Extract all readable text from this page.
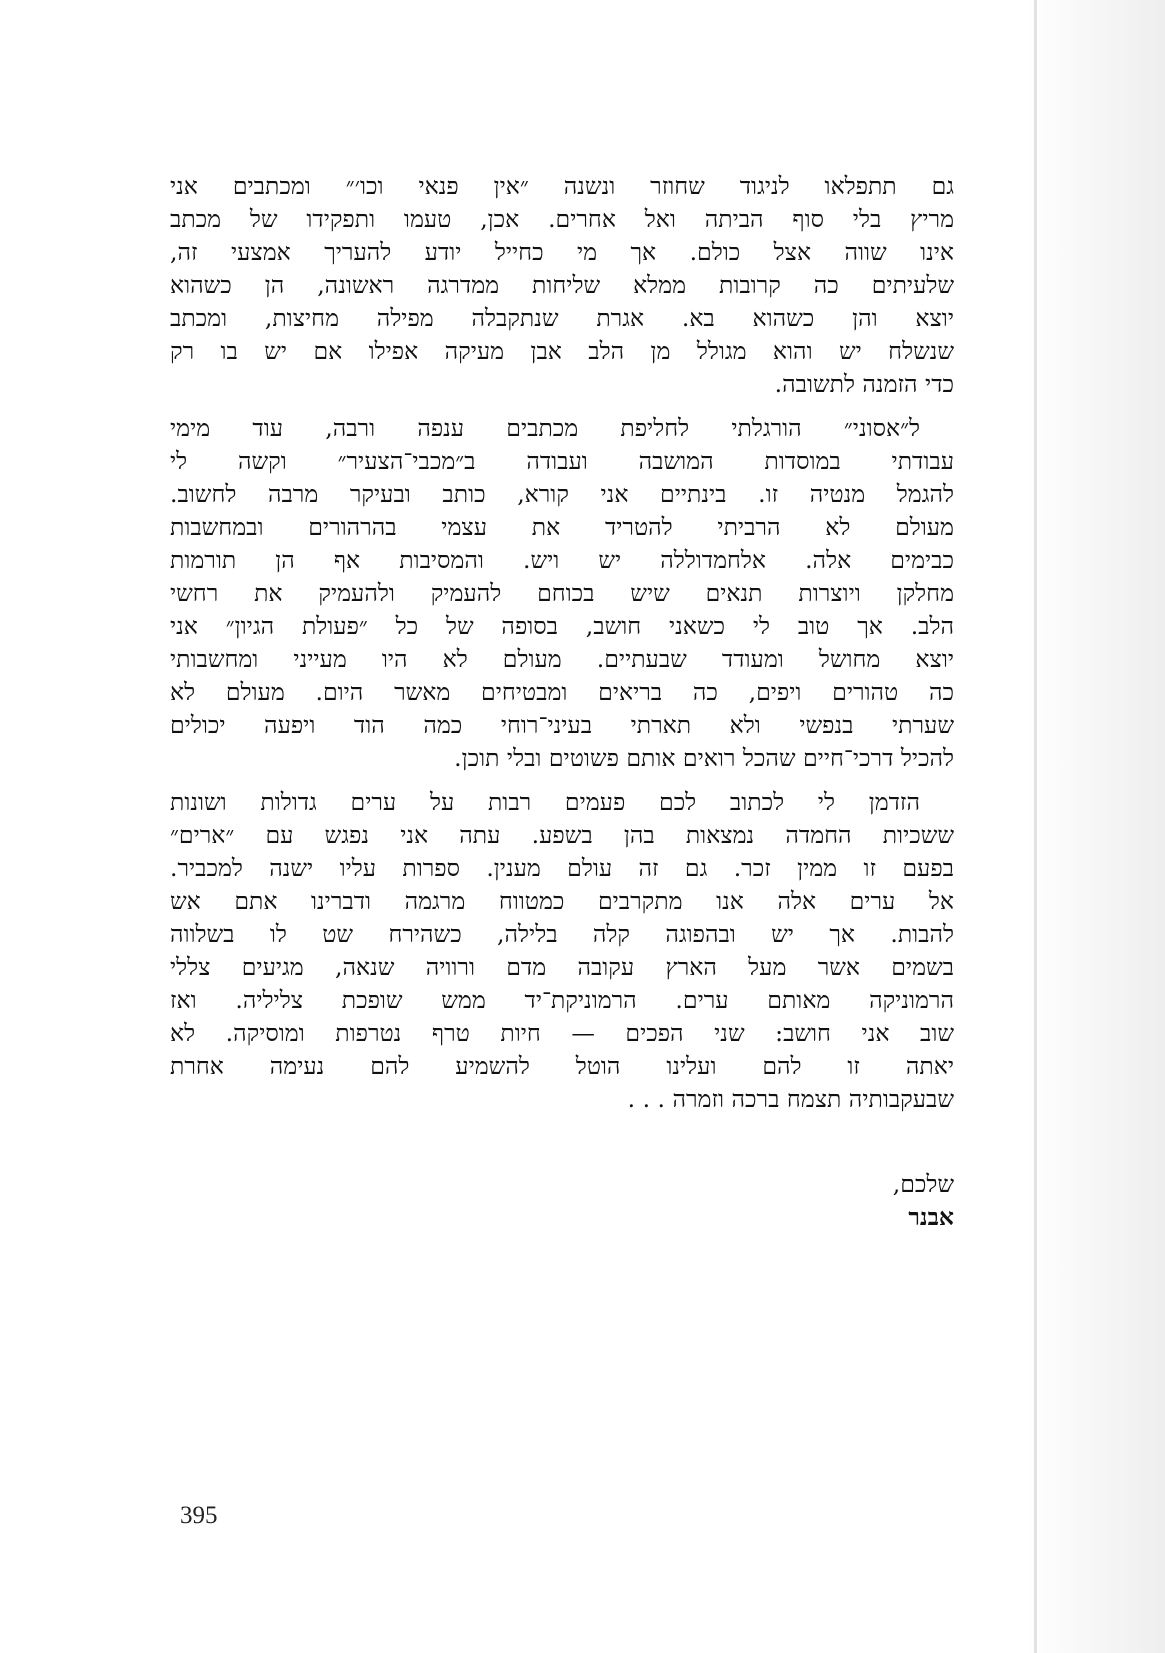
גם תתפלאו לניגוד שחוזר ונשנה ״אין פנאי וכו׳״ ומכתבים אני
מריץ בלי סוף הביתה ואל אחרים. אכן, טעמו ותפקידו של מכתב
אינו שווה אצל כולם. אך מי כחייל יודע להעריך אמצעי זה,
שלעיתים כה קרובות ממלא שליחות ממדרגה ראשונה, הן כשהוא
יוצא והן כשהוא בא. אגרת שנתקבלה מפילה מחיצות, ומכתב
שנשלח יש והוא מגולל מן הלב אבן מעיקה אפילו אם יש בו רק
כדי הזמנה לתשובה.
ל״אסוני״ הורגלתי לחליפת מכתבים ענפה ורבה, עוד מימי
עבודתי במוסדות המושבה ועבודה ב״מכבי־הצעיר״ וקשה לי
להגמל מנטיה זו. בינתיים אני קורא, כותב ובעיקר מרבה לחשוב.
מעולם לא הרביתי להטריד את עצמי בהרהורים ובמחשבות
כבימים אלה. אלחמדוללה יש ויש. והמסיבות אף הן תורמות
מחלקן ויוצרות תנאים שיש בכוחם להעמיק ולהעמיק את רחשי
הלב. אך טוב לי כשאני חושב, בסופה של כל ״פעולת הגיון״ אני
יוצא מחושל ומעודד שבעתיים. מעולם לא היו מעייני ומחשבותי
כה טהורים ויפים, כה בריאים ומבטיחים מאשר היום. מעולם לא
שערתי בנפשי ולא תארתי בעיני־רוחי כמה הוד ויפעה יכולים
להכיל דרכי־חיים שהכל רואים אותם פשוטים ובלי תוכן.
הזדמן לי לכתוב לכם פעמים רבות על ערים גדולות ושונות
ששכיות החמדה נמצאות בהן בשפע. עתה אני נפגש עם ״ארים״
בפעם זו ממין זכר. גם זה עולם מענין. ספרות עליו ישנה למכביר.
אל ערים אלה אנו מתקרבים כמטווח מרגמה ודברינו אתם אש
להבות. אך יש ובהפוגה קלה בלילה, כשהירח שט לו בשלווה
בשמים אשר מעל הארץ עקובה מדם ורוויה שנאה, מגיעים צללי
הרמוניקה מאותם ערים. הרמוניקת־יד ממש שופכת צליליה. ואז
שוב אני חושב: שני הפכים — חיות טרף נטרפות ומוסיקה. לא
יאתה זו להם ועלינו הוטל להשמיע להם נעימה אחרת
שבעקבותיה תצמח ברכה וזמרה . . .
שלכם,
אבנר
395
